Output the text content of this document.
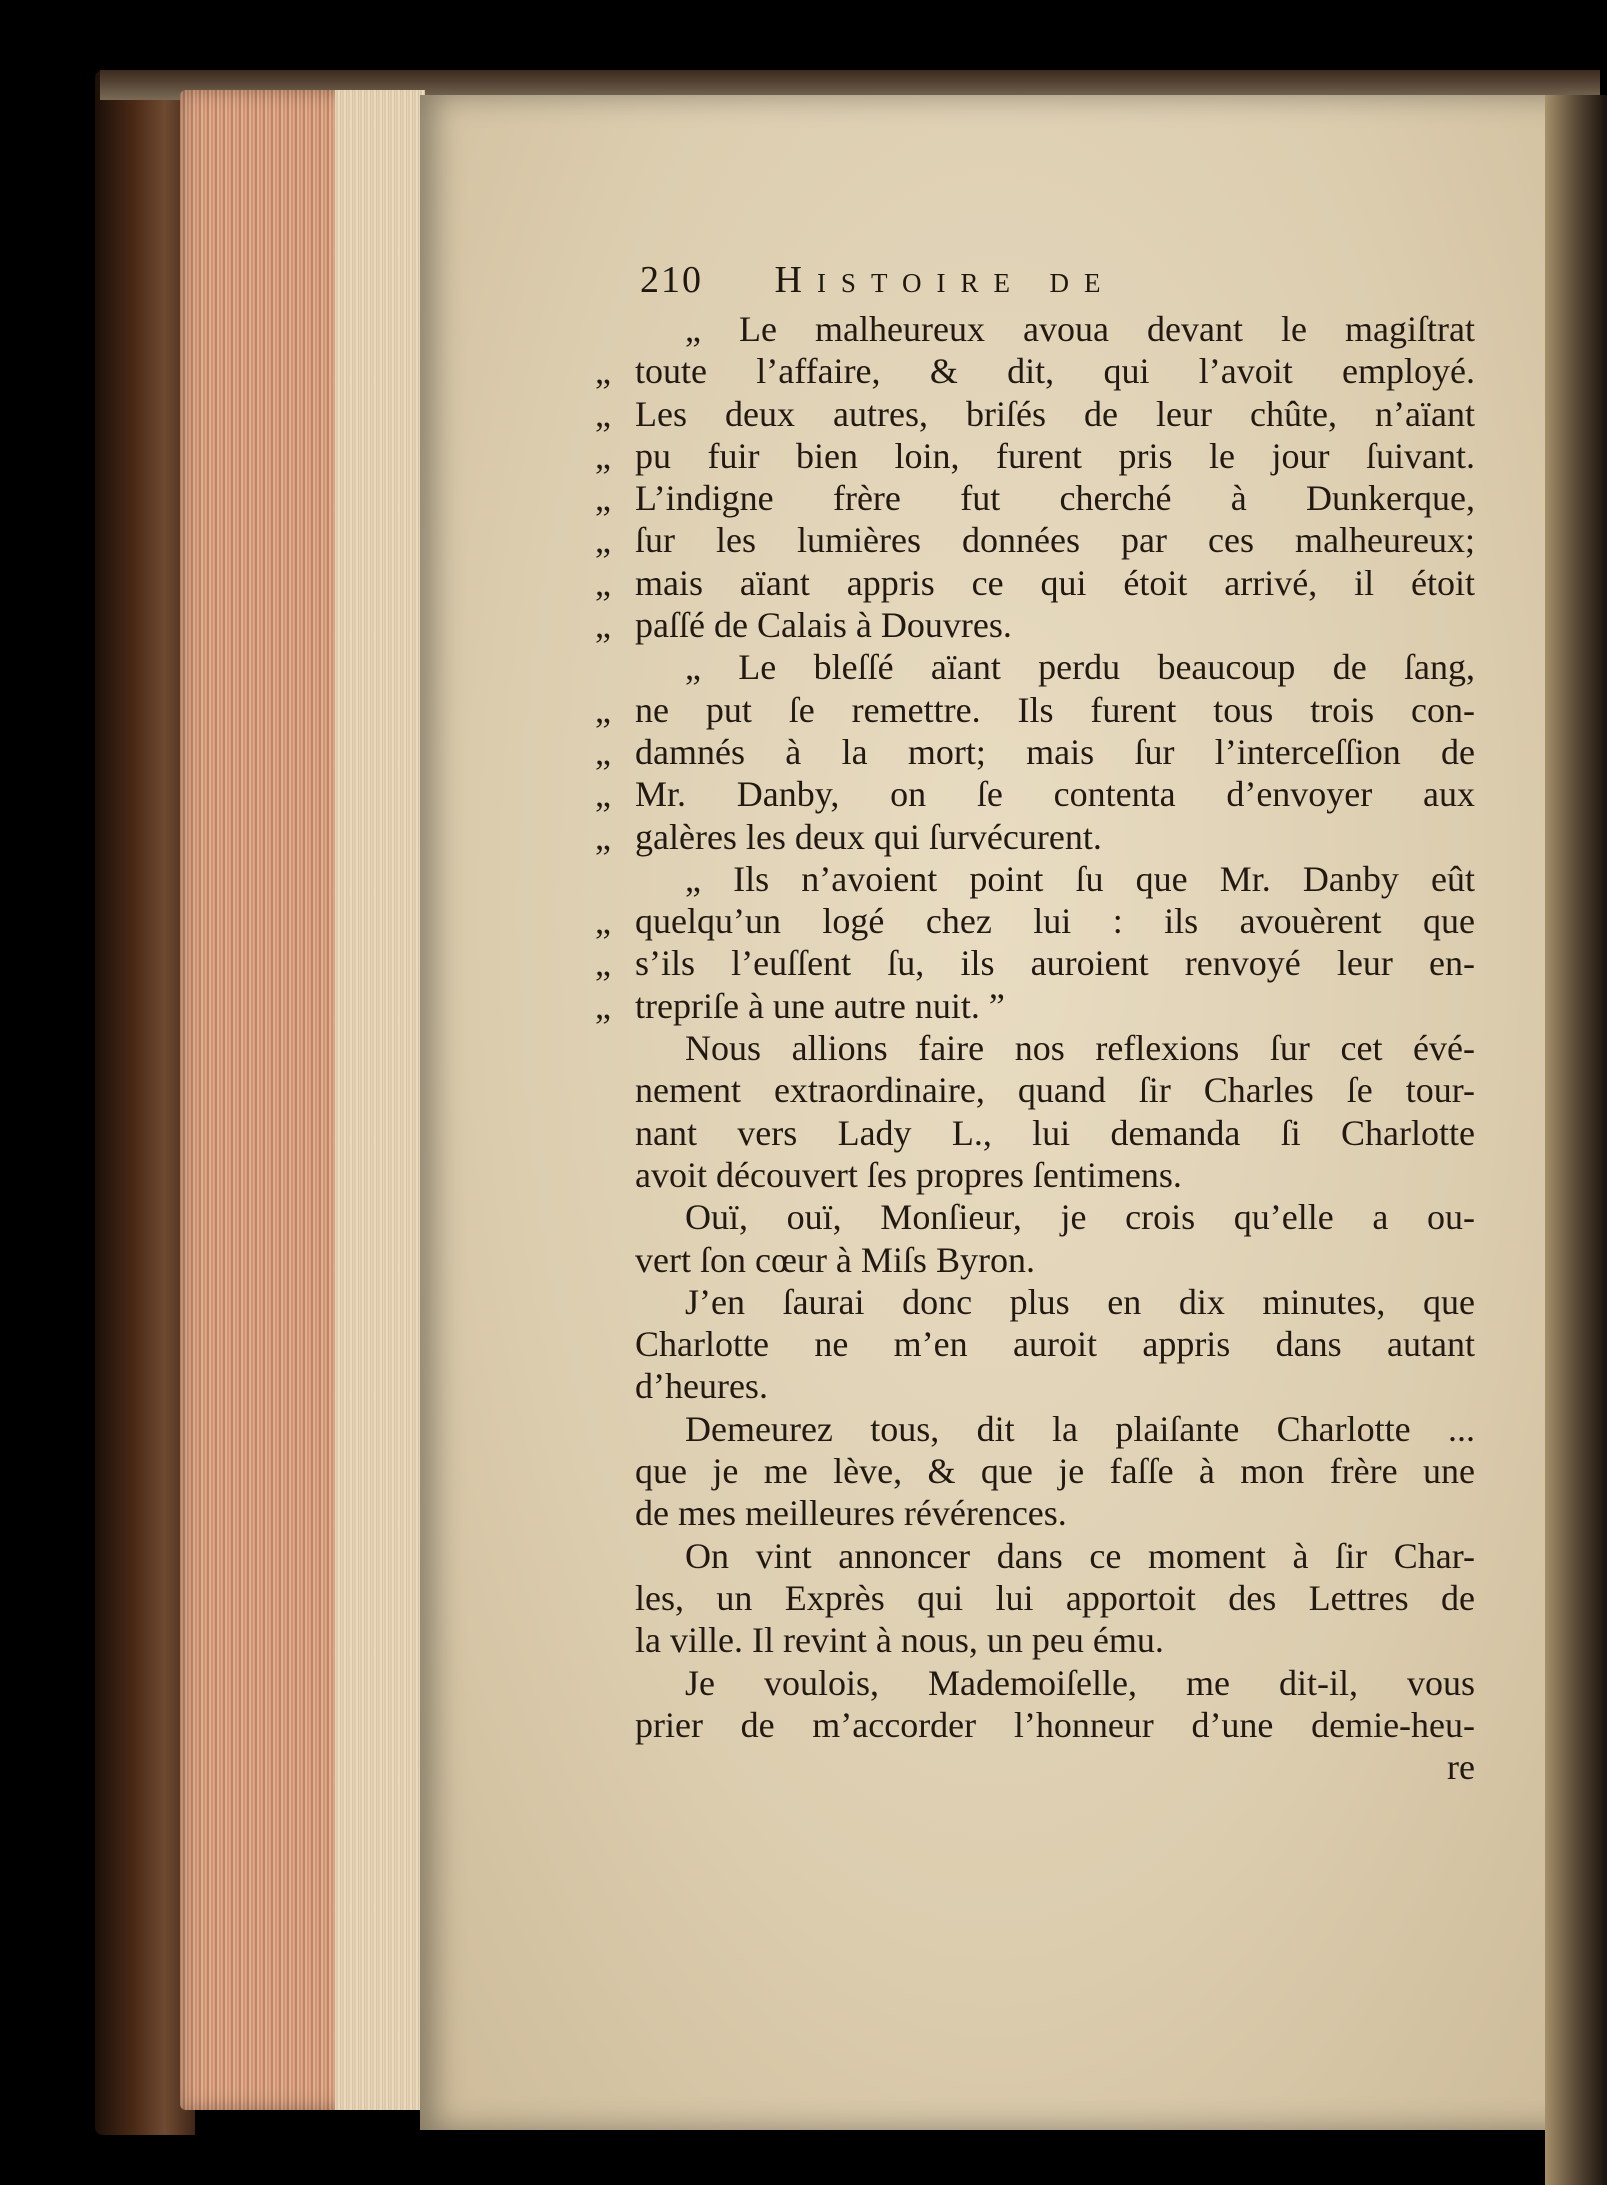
210 Histoire de
„ Le malheureux avoua devant le magiſtrat
„ toute l’affaire, & dit, qui l’avoit employé.
„ Les deux autres, briſés de leur chûte, n’aïant
„ pu fuir bien loin, furent pris le jour ſuivant.
„ L’indigne frère fut cherché à Dunkerque,
„ ſur les lumières données par ces malheureux;
„ mais aïant appris ce qui étoit arrivé, il étoit
„ paſſé de Calais à Douvres.
„ Le bleſſé aïant perdu beaucoup de ſang,
„ ne put ſe remettre. Ils furent tous trois con-
„ damnés à la mort; mais ſur l’interceſſion de
„ Mr. Danby, on ſe contenta d’envoyer aux
„ galères les deux qui ſurvécurent.
„ Ils n’avoient point ſu que Mr. Danby eût
„ quelqu’un logé chez lui : ils avouèrent que
„ s’ils l’euſſent ſu, ils auroient renvoyé leur en-
„ trepriſe à une autre nuit. ”
Nous allions faire nos reflexions ſur cet évé-
nement extraordinaire, quand ſir Charles ſe tour-
nant vers Lady L., lui demanda ſi Charlotte
avoit découvert ſes propres ſentimens.
Ouï, ouï, Monſieur, je crois qu’elle a ou-
vert ſon cœur à Miſs Byron.
J’en ſaurai donc plus en dix minutes, que
Charlotte ne m’en auroit appris dans autant
d’heures.
Demeurez tous, dit la plaiſante Charlotte ...
que je me lève, & que je faſſe à mon frère une
de mes meilleures révérences.
On vint annoncer dans ce moment à ſir Char-
les, un Exprès qui lui apportoit des Lettres de
la ville. Il revint à nous, un peu ému.
Je voulois, Mademoiſelle, me dit-il, vous
prier de m’accorder l’honneur d’une demie-heu-
re
